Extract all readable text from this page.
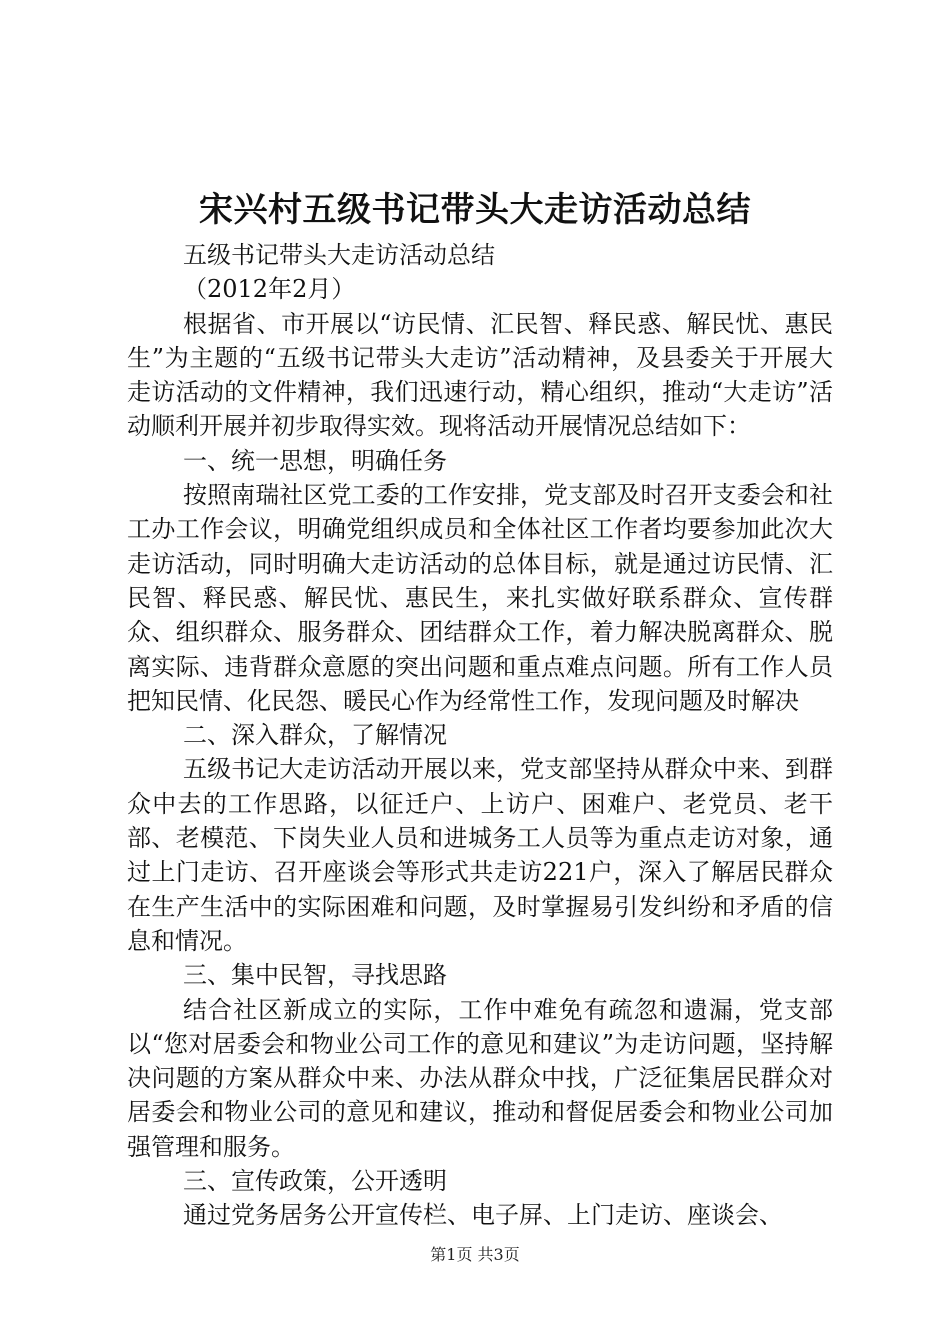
宋兴村五级书记带头大走访活动总结

五级书记带头大走访活动总结

（2012年2月）

根据省、市开展以“访民情、汇民智、释民惑、解民忧、惠民生”为主题的“五级书记带头大走访”活动精神，及县委关于开展大走访活动的文件精神，我们迅速行动，精心组织，推动“大走访”活动顺利开展并初步取得实效。现将活动开展情况总结如下：

一、统一思想，明确任务

按照南瑞社区党工委的工作安排，党支部及时召开支委会和社工办工作会议，明确党组织成员和全体社区工作者均要参加此次大走访活动，同时明确大走访活动的总体目标，就是通过访民情、汇民智、释民惑、解民忧、惠民生，来扎实做好联系群众、宣传群众、组织群众、服务群众、团结群众工作，着力解决脱离群众、脱离实际、违背群众意愿的突出问题和重点难点问题。所有工作人员把知民情、化民怨、暖民心作为经常性工作，发现问题及时解决

二、深入群众，了解情况

五级书记大走访活动开展以来，党支部坚持从群众中来、到群众中去的工作思路，以征迁户、上访户、困难户、老党员、老干部、老模范、下岗失业人员和进城务工人员等为重点走访对象，通过上门走访、召开座谈会等形式共走访221户，深入了解居民群众在生产生活中的实际困难和问题，及时掌握易引发纠纷和矛盾的信息和情况。

三、集中民智，寻找思路

结合社区新成立的实际，工作中难免有疏忽和遗漏，党支部以“您对居委会和物业公司工作的意见和建议”为走访问题，坚持解决问题的方案从群众中来、办法从群众中找，广泛征集居民群众对居委会和物业公司的意见和建议，推动和督促居委会和物业公司加强管理和服务。

三、宣传政策，公开透明

通过党务居务公开宣传栏、电子屏、上门走访、座谈会、

第1页 共3页
